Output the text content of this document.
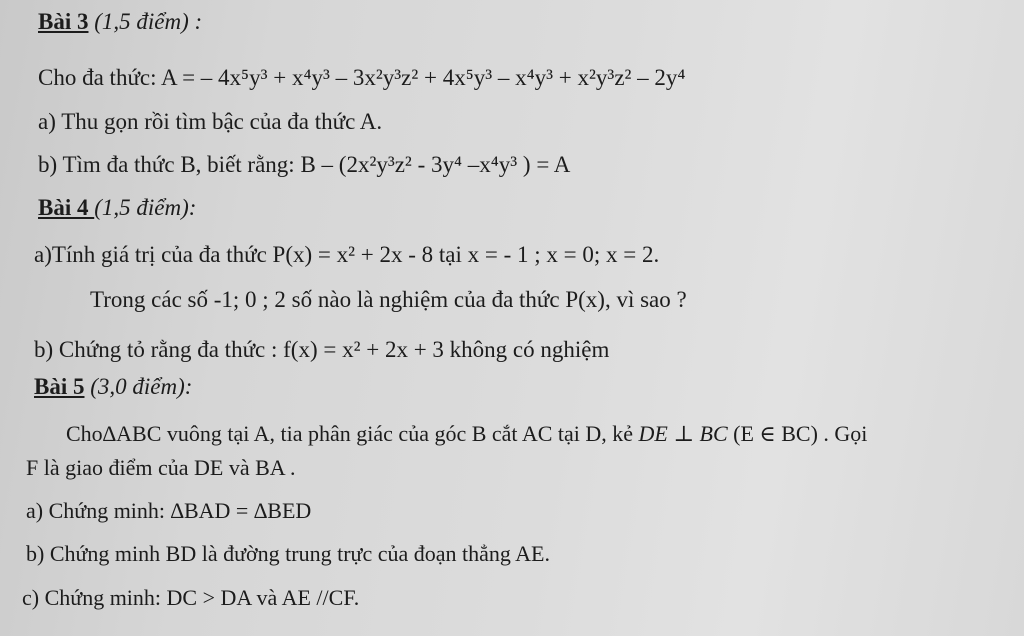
Bài 3 (1,5 điểm) :
Cho đa thức: A = – 4x⁵y³ + x⁴y³ – 3x²y³z² + 4x⁵y³ – x⁴y³ + x²y³z² – 2y⁴
a) Thu gọn rồi tìm bậc của đa thức A.
b) Tìm đa thức B, biết rằng: B – (2x²y³z² - 3y⁴ –x⁴y³ ) = A
Bài 4 (1,5 điểm):
a)Tính giá trị của đa thức P(x) = x² + 2x - 8 tại x = - 1 ; x = 0; x = 2.
Trong các số -1; 0 ; 2 số nào là nghiệm của đa thức P(x), vì sao ?
b) Chứng tỏ rằng đa thức : f(x) = x² + 2x + 3 không có nghiệm
Bài 5 (3,0 điểm):
Cho∆ABC vuông tại A, tia phân giác của góc B cắt AC tại D, kẻ DE ⊥ BC (E ∈ BC) . Gọi
F là giao điểm của DE và BA .
a) Chứng minh: ∆BAD = ∆BED
b) Chứng minh BD là đường trung trực của đoạn thẳng AE.
c) Chứng minh: DC > DA và AE //CF.
